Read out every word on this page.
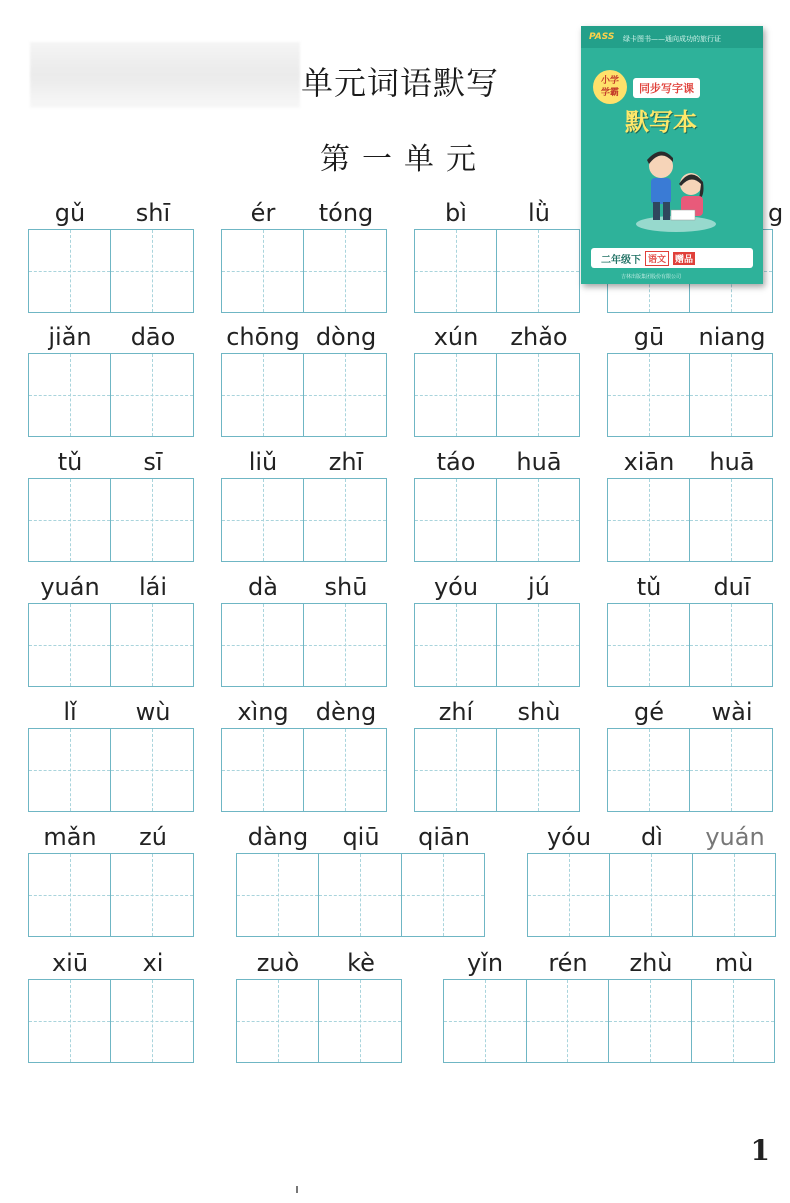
单元词语默写
第一单元
gǔ	shī	ér	tóng	bì	lǜ	g
jiǎn	dāo	chōng dòng	xún	zhǎo	gū	niang
tǔ	sī	liǔ	zhī	táo	huā	xiān	huā
yuán	lái	dà	shū	yóu	jú	tǔ	duī
lǐ	wù	xìng	dèng	zhí	shù	gé	wài
mǎn	zú	dàng	qiū	qiān	yóu	dì	yuán
xiū	xi	zuò	kè	yǐn	rén	zhù	mù
PASS 绿卡图书——通向成功的旅行证
小学
学霸	同步写字课
默写本
二年级下 语文	赠品
吉林出版集团股份有限公司
1
